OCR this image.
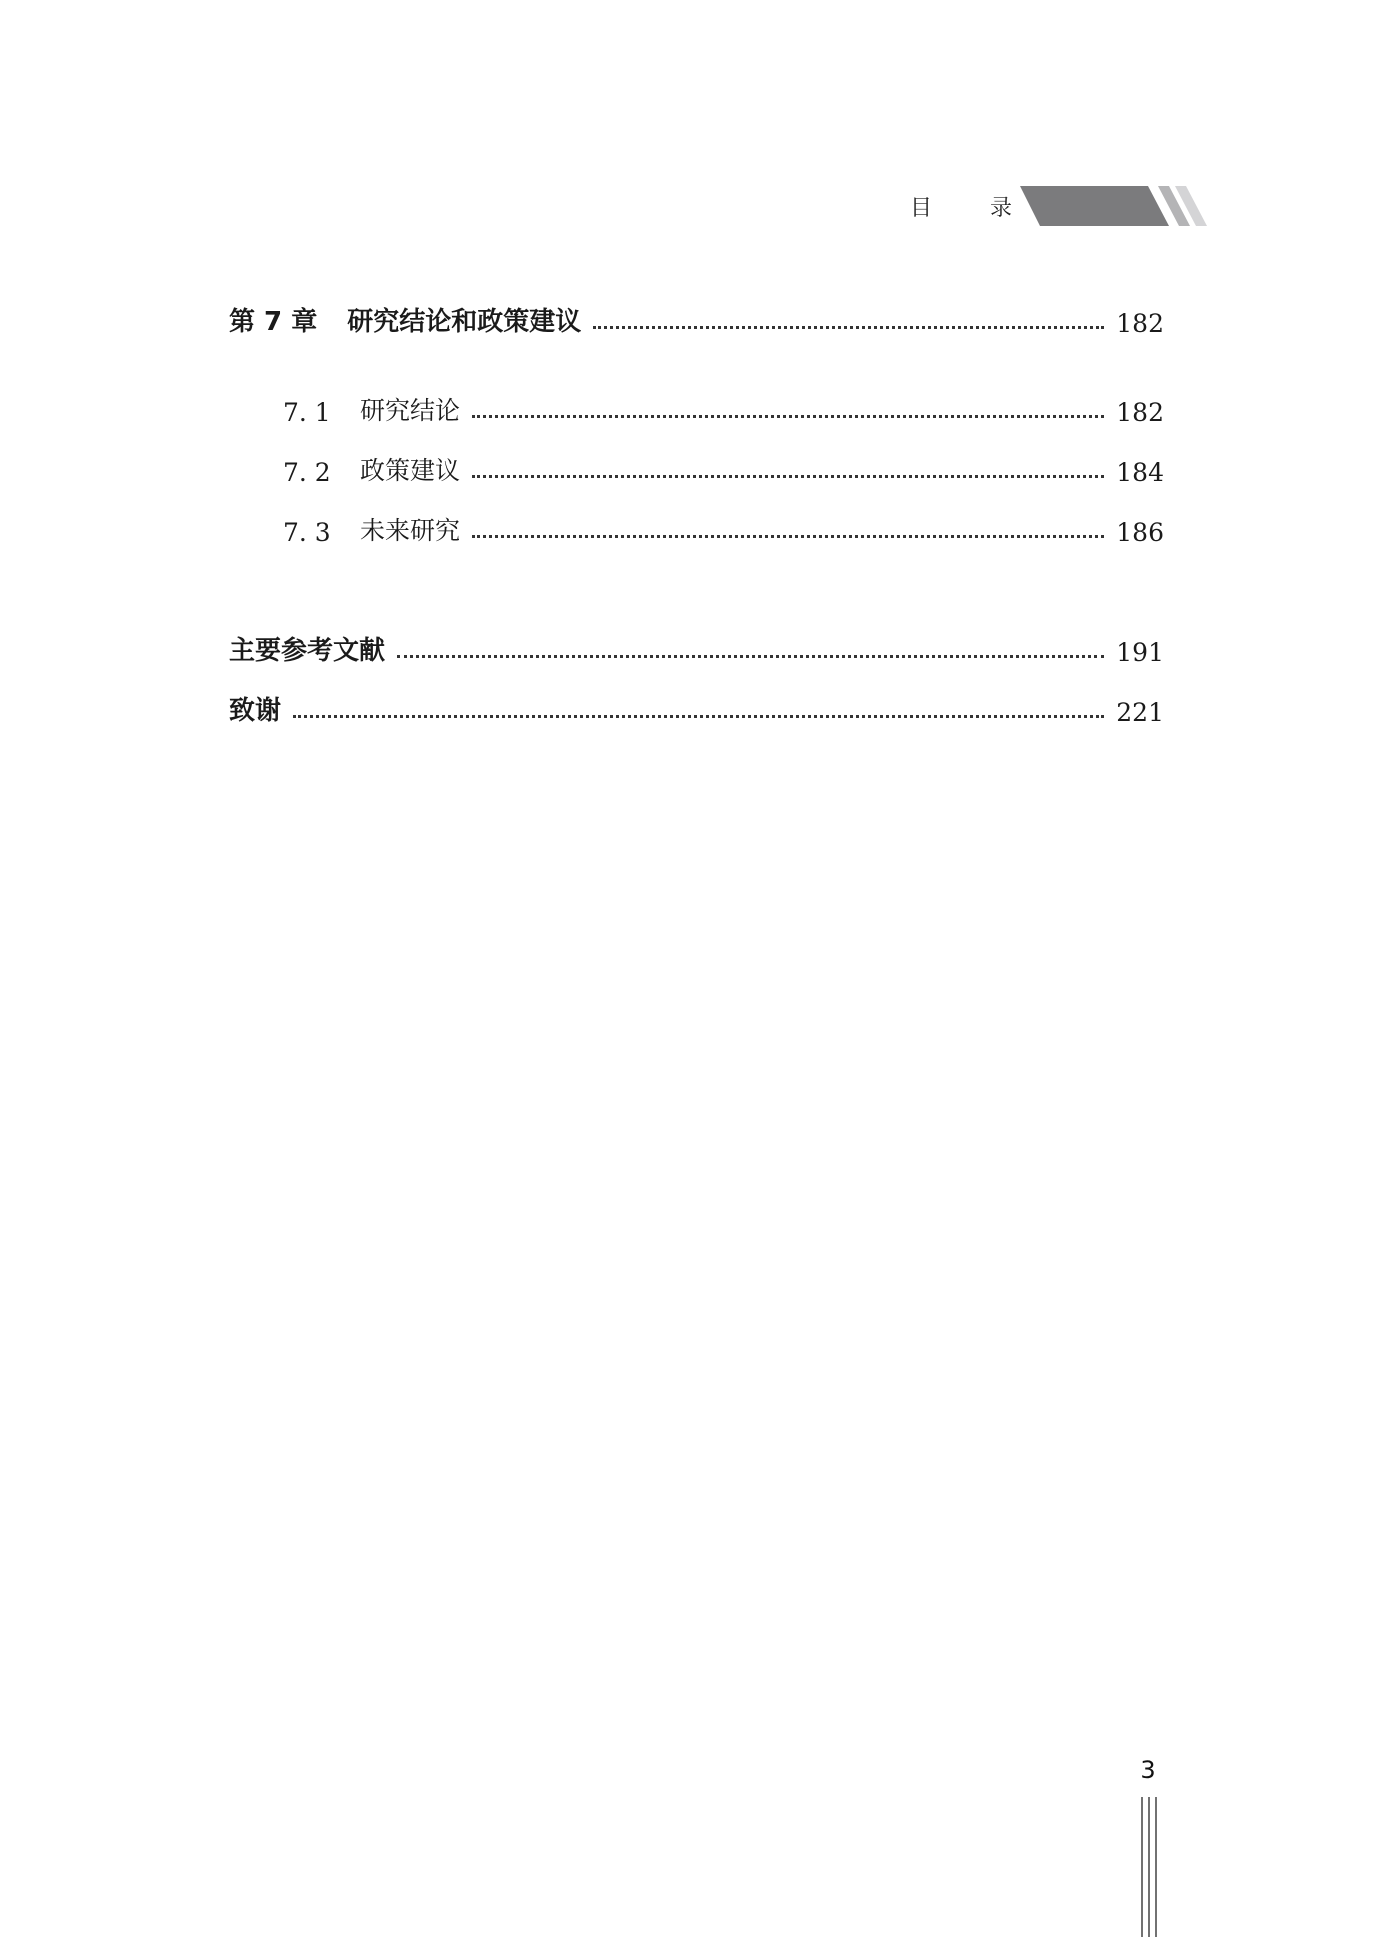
目	录
第 7 章 研究结论和政策建议	182
7. 1	研究结论	182
7. 2	政策建议	184
7. 3	未来研究	186
主要参考文献	191
致谢	221
3
